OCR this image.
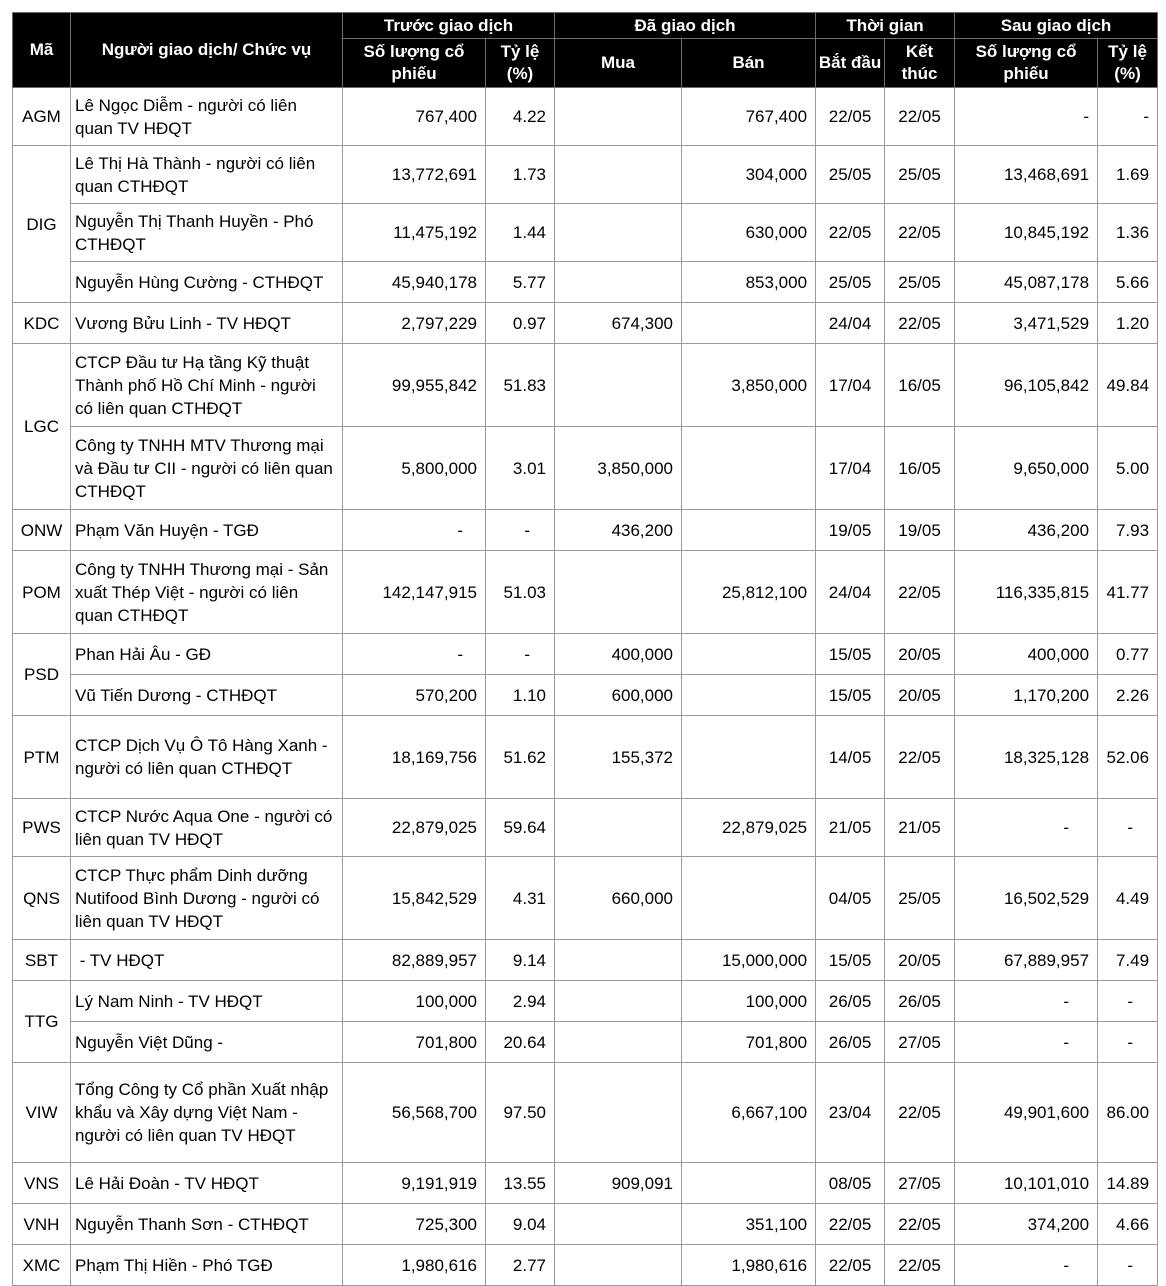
Mã	Người giao dịch/ Chức vụ	Trước giao dịch		Đã giao dịch		Thời gian		Sau giao dịch	
		Số lượng cổ phiếu	Tỷ lệ (%)	Mua	Bán	Bắt đầu	Kết thúc	Số lượng cổ phiếu	Tỷ lệ (%)
AGM	Lê Ngọc Diễm - người có liên quan TV HĐQT	767,400	4.22		767,400	22/05	22/05	-	-
DIG	Lê Thị Hà Thành - người có liên quan CTHĐQT	13,772,691	1.73		304,000	25/05	25/05	13,468,691	1.69
	Nguyễn Thị Thanh Huyền - Phó CTHĐQT	11,475,192	1.44		630,000	22/05	22/05	10,845,192	1.36
	Nguyễn Hùng Cường - CTHĐQT	45,940,178	5.77		853,000	25/05	25/05	45,087,178	5.66
KDC	Vương Bửu Linh - TV HĐQT	2,797,229	0.97	674,300		24/04	22/05	3,471,529	1.20
LGC	CTCP Đầu tư Hạ tầng Kỹ thuật Thành phố Hồ Chí Minh - người có liên quan CTHĐQT	99,955,842	51.83		3,850,000	17/04	16/05	96,105,842	49.84
	Công ty TNHH MTV Thương mại và Đầu tư CII - người có liên quan CTHĐQT	5,800,000	3.01	3,850,000		17/04	16/05	9,650,000	5.00
ONW	Phạm Văn Huyện - TGĐ	-	-	436,200		19/05	19/05	436,200	7.93
POM	Công ty TNHH Thương mại - Sản xuất Thép Việt - người có liên quan CTHĐQT	142,147,915	51.03		25,812,100	24/04	22/05	116,335,815	41.77
PSD	Phan Hải Âu - GĐ	-	-	400,000		15/05	20/05	400,000	0.77
	Vũ Tiến Dương - CTHĐQT	570,200	1.10	600,000		15/05	20/05	1,170,200	2.26
PTM	CTCP Dịch Vụ Ô Tô Hàng Xanh - người có liên quan CTHĐQT	18,169,756	51.62	155,372		14/05	22/05	18,325,128	52.06
PWS	CTCP Nước Aqua One - người có liên quan TV HĐQT	22,879,025	59.64		22,879,025	21/05	21/05	-	-
QNS	CTCP Thực phẩm Dinh dưỡng Nutifood Bình Dương - người có liên quan TV HĐQT	15,842,529	4.31	660,000		04/05	25/05	16,502,529	4.49
SBT	- TV HĐQT	82,889,957	9.14		15,000,000	15/05	20/05	67,889,957	7.49
TTG	Lý Nam Ninh - TV HĐQT	100,000	2.94		100,000	26/05	26/05	-	-
	Nguyễn Việt Dũng -	701,800	20.64		701,800	26/05	27/05	-	-
VIW	Tổng Công ty Cổ phần Xuất nhập khẩu và Xây dựng Việt Nam - người có liên quan TV HĐQT	56,568,700	97.50		6,667,100	23/04	22/05	49,901,600	86.00
VNS	Lê Hải Đoàn - TV HĐQT	9,191,919	13.55	909,091		08/05	27/05	10,101,010	14.89
VNH	Nguyễn Thanh Sơn - CTHĐQT	725,300	9.04		351,100	22/05	22/05	374,200	4.66
XMC	Phạm Thị Hiền - Phó TGĐ	1,980,616	2.77		1,980,616	22/05	22/05	-	-
